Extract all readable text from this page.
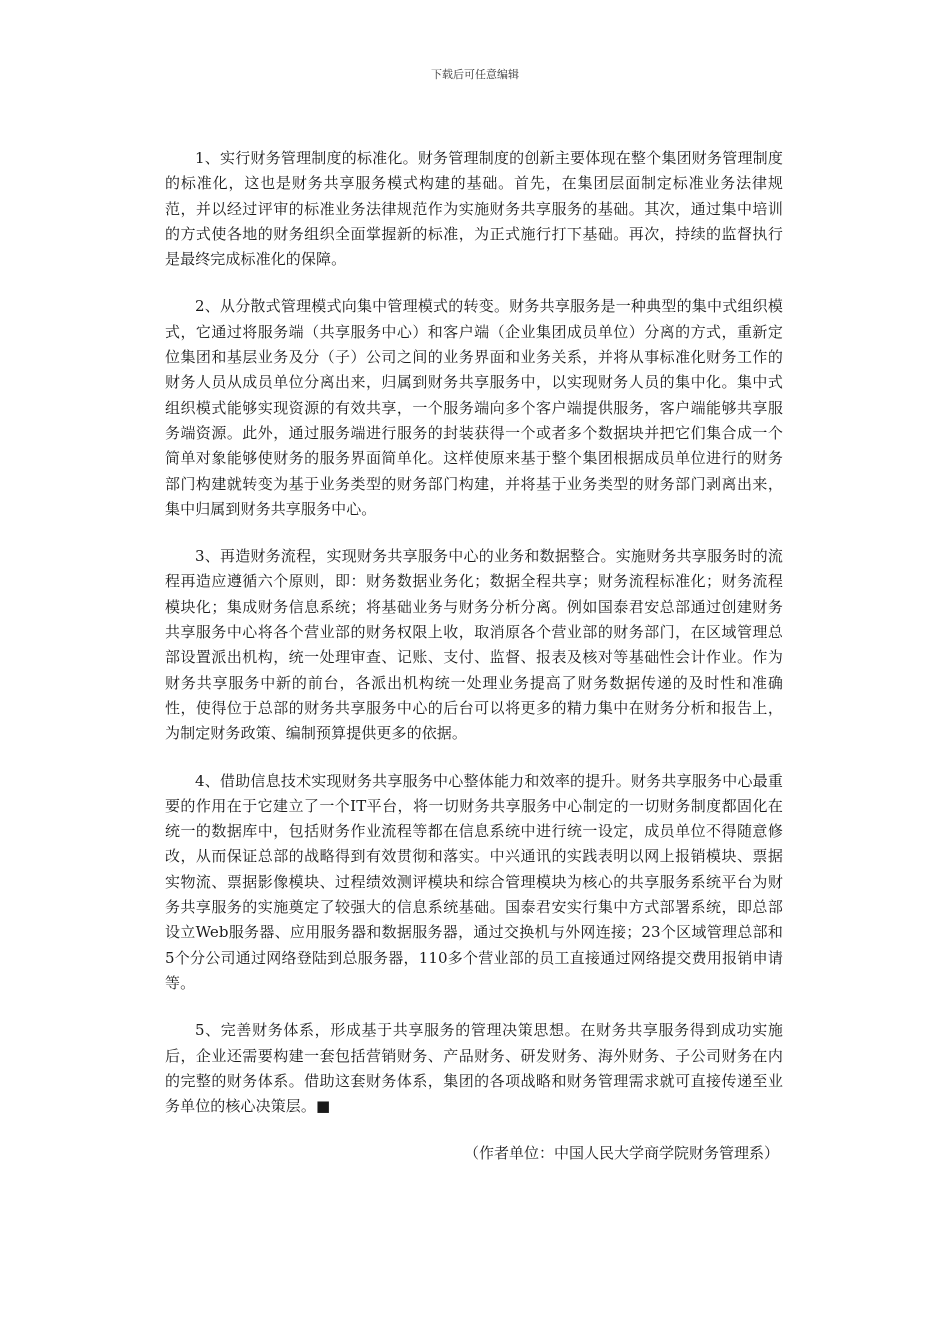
下载后可任意编辑

1、实行财务管理制度的标准化。财务管理制度的创新主要体现在整个集团财务管理制度的标准化，这也是财务共享服务模式构建的基础。首先，在集团层面制定标准业务法律规范，并以经过评审的标准业务法律规范作为实施财务共享服务的基础。其次，通过集中培训的方式使各地的财务组织全面掌握新的标准，为正式施行打下基础。再次，持续的监督执行是最终完成标准化的保障。

2、从分散式管理模式向集中管理模式的转变。财务共享服务是一种典型的集中式组织模式，它通过将服务端（共享服务中心）和客户端（企业集团成员单位）分离的方式，重新定位集团和基层业务及分（子）公司之间的业务界面和业务关系，并将从事标准化财务工作的财务人员从成员单位分离出来，归属到财务共享服务中，以实现财务人员的集中化。集中式组织模式能够实现资源的有效共享，一个服务端向多个客户端提供服务，客户端能够共享服务端资源。此外，通过服务端进行服务的封装获得一个或者多个数据块并把它们集合成一个简单对象能够使财务的服务界面简单化。这样使原来基于整个集团根据成员单位进行的财务部门构建就转变为基于业务类型的财务部门构建，并将基于业务类型的财务部门剥离出来，集中归属到财务共享服务中心。

3、再造财务流程，实现财务共享服务中心的业务和数据整合。实施财务共享服务时的流程再造应遵循六个原则，即：财务数据业务化；数据全程共享；财务流程标准化；财务流程模块化；集成财务信息系统；将基础业务与财务分析分离。例如国泰君安总部通过创建财务共享服务中心将各个营业部的财务权限上收，取消原各个营业部的财务部门，在区域管理总部设置派出机构，统一处理审查、记账、支付、监督、报表及核对等基础性会计作业。作为财务共享服务中新的前台，各派出机构统一处理业务提高了财务数据传递的及时性和准确性，使得位于总部的财务共享服务中心的后台可以将更多的精力集中在财务分析和报告上，为制定财务政策、编制预算提供更多的依据。

4、借助信息技术实现财务共享服务中心整体能力和效率的提升。财务共享服务中心最重要的作用在于它建立了一个IT平台，将一切财务共享服务中心制定的一切财务制度都固化在统一的数据库中，包括财务作业流程等都在信息系统中进行统一设定，成员单位不得随意修改，从而保证总部的战略得到有效贯彻和落实。中兴通讯的实践表明以网上报销模块、票据实物流、票据影像模块、过程绩效测评模块和综合管理模块为核心的共享服务系统平台为财务共享服务的实施奠定了较强大的信息系统基础。国泰君安实行集中方式部署系统，即总部设立Web服务器、应用服务器和数据服务器，通过交换机与外网连接；23个区域管理总部和5个分公司通过网络登陆到总服务器，110多个营业部的员工直接通过网络提交费用报销申请等。

5、完善财务体系，形成基于共享服务的管理决策思想。在财务共享服务得到成功实施后，企业还需要构建一套包括营销财务、产品财务、研发财务、海外财务、子公司财务在内的完整的财务体系。借助这套财务体系，集团的各项战略和财务管理需求就可直接传递至业务单位的核心决策层。■

（作者单位：中国人民大学商学院财务管理系）
